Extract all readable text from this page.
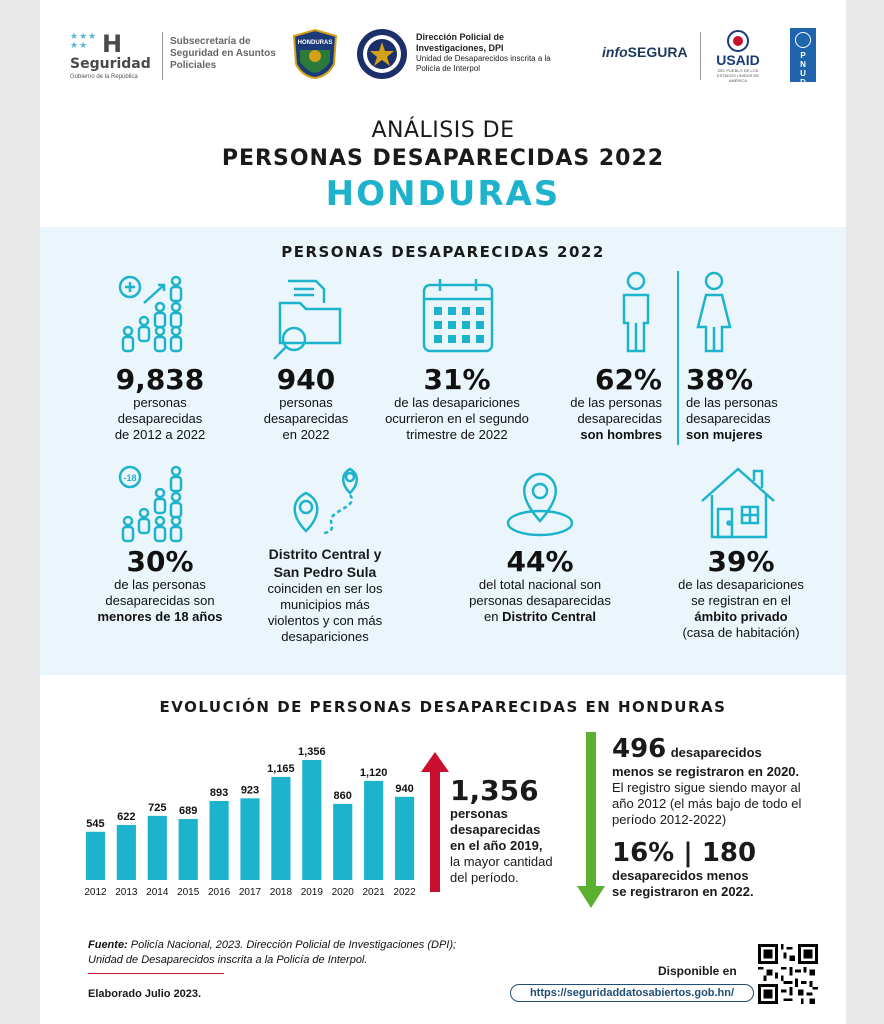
★★★
★★ H
Seguridad
Gobierno de la República
Subsecretaría de Seguridad en Asuntos Policiales
HONDURAS
Dirección Policial de Investigaciones, DPI
Unidad de Desaparecidos inscrita a la Policía de Interpol
infoSEGURA	USAID
DEL PUEBLO DE LOS ESTADOS UNIDOS DE AMÉRICA
P
N
U
D
ANÁLISIS DE
PERSONAS DESAPARECIDAS 2022
HONDURAS
PERSONAS DESAPARECIDAS 2022
9,838
personas
desaparecidas
de 2012 a 2022
940
personas
desaparecidas
en 2022
31%
de las desapariciones
ocurrieron en el segundo
trimestre de 2022
62%
de las personas
desaparecidas
son hombres
38%
de las personas
desaparecidas
son mujeres
-18
30%
de las personas
desaparecidas son
menores de 18 años
Distrito Central y
San Pedro Sula
coinciden en ser los
municipios más
violentos y con más
desapariciones
44%
del total nacional son
personas desaparecidas
en Distrito Central
39%
de las desapariciones
se registran en el
ámbito privado
(casa de habitación)
EVOLUCIÓN DE PERSONAS DESAPARECIDAS EN HONDURAS
545
2012
622
2013
725
2014
689
2015
893
2016
923
2017
1,165
2018
1,356
2019
860
2020
1,120
2021
940
2022
1,356
personas
desaparecidas
en el año 2019,
la mayor cantidad
del período.
496 desaparecidos
menos se registraron en 2020.
El registro sigue siendo mayor al
año 2012 (el más bajo de todo el
período 2012-2022)
16% | 180
desaparecidos menos
se registraron en 2022.
Fuente: Policía Nacional, 2023. Dirección Policial de Investigaciones (DPI);
Unidad de Desaparecidos inscrita a la Policía de Interpol.
Elaborado Julio 2023.
Disponible en
https://seguridaddatosabiertos.gob.hn/
